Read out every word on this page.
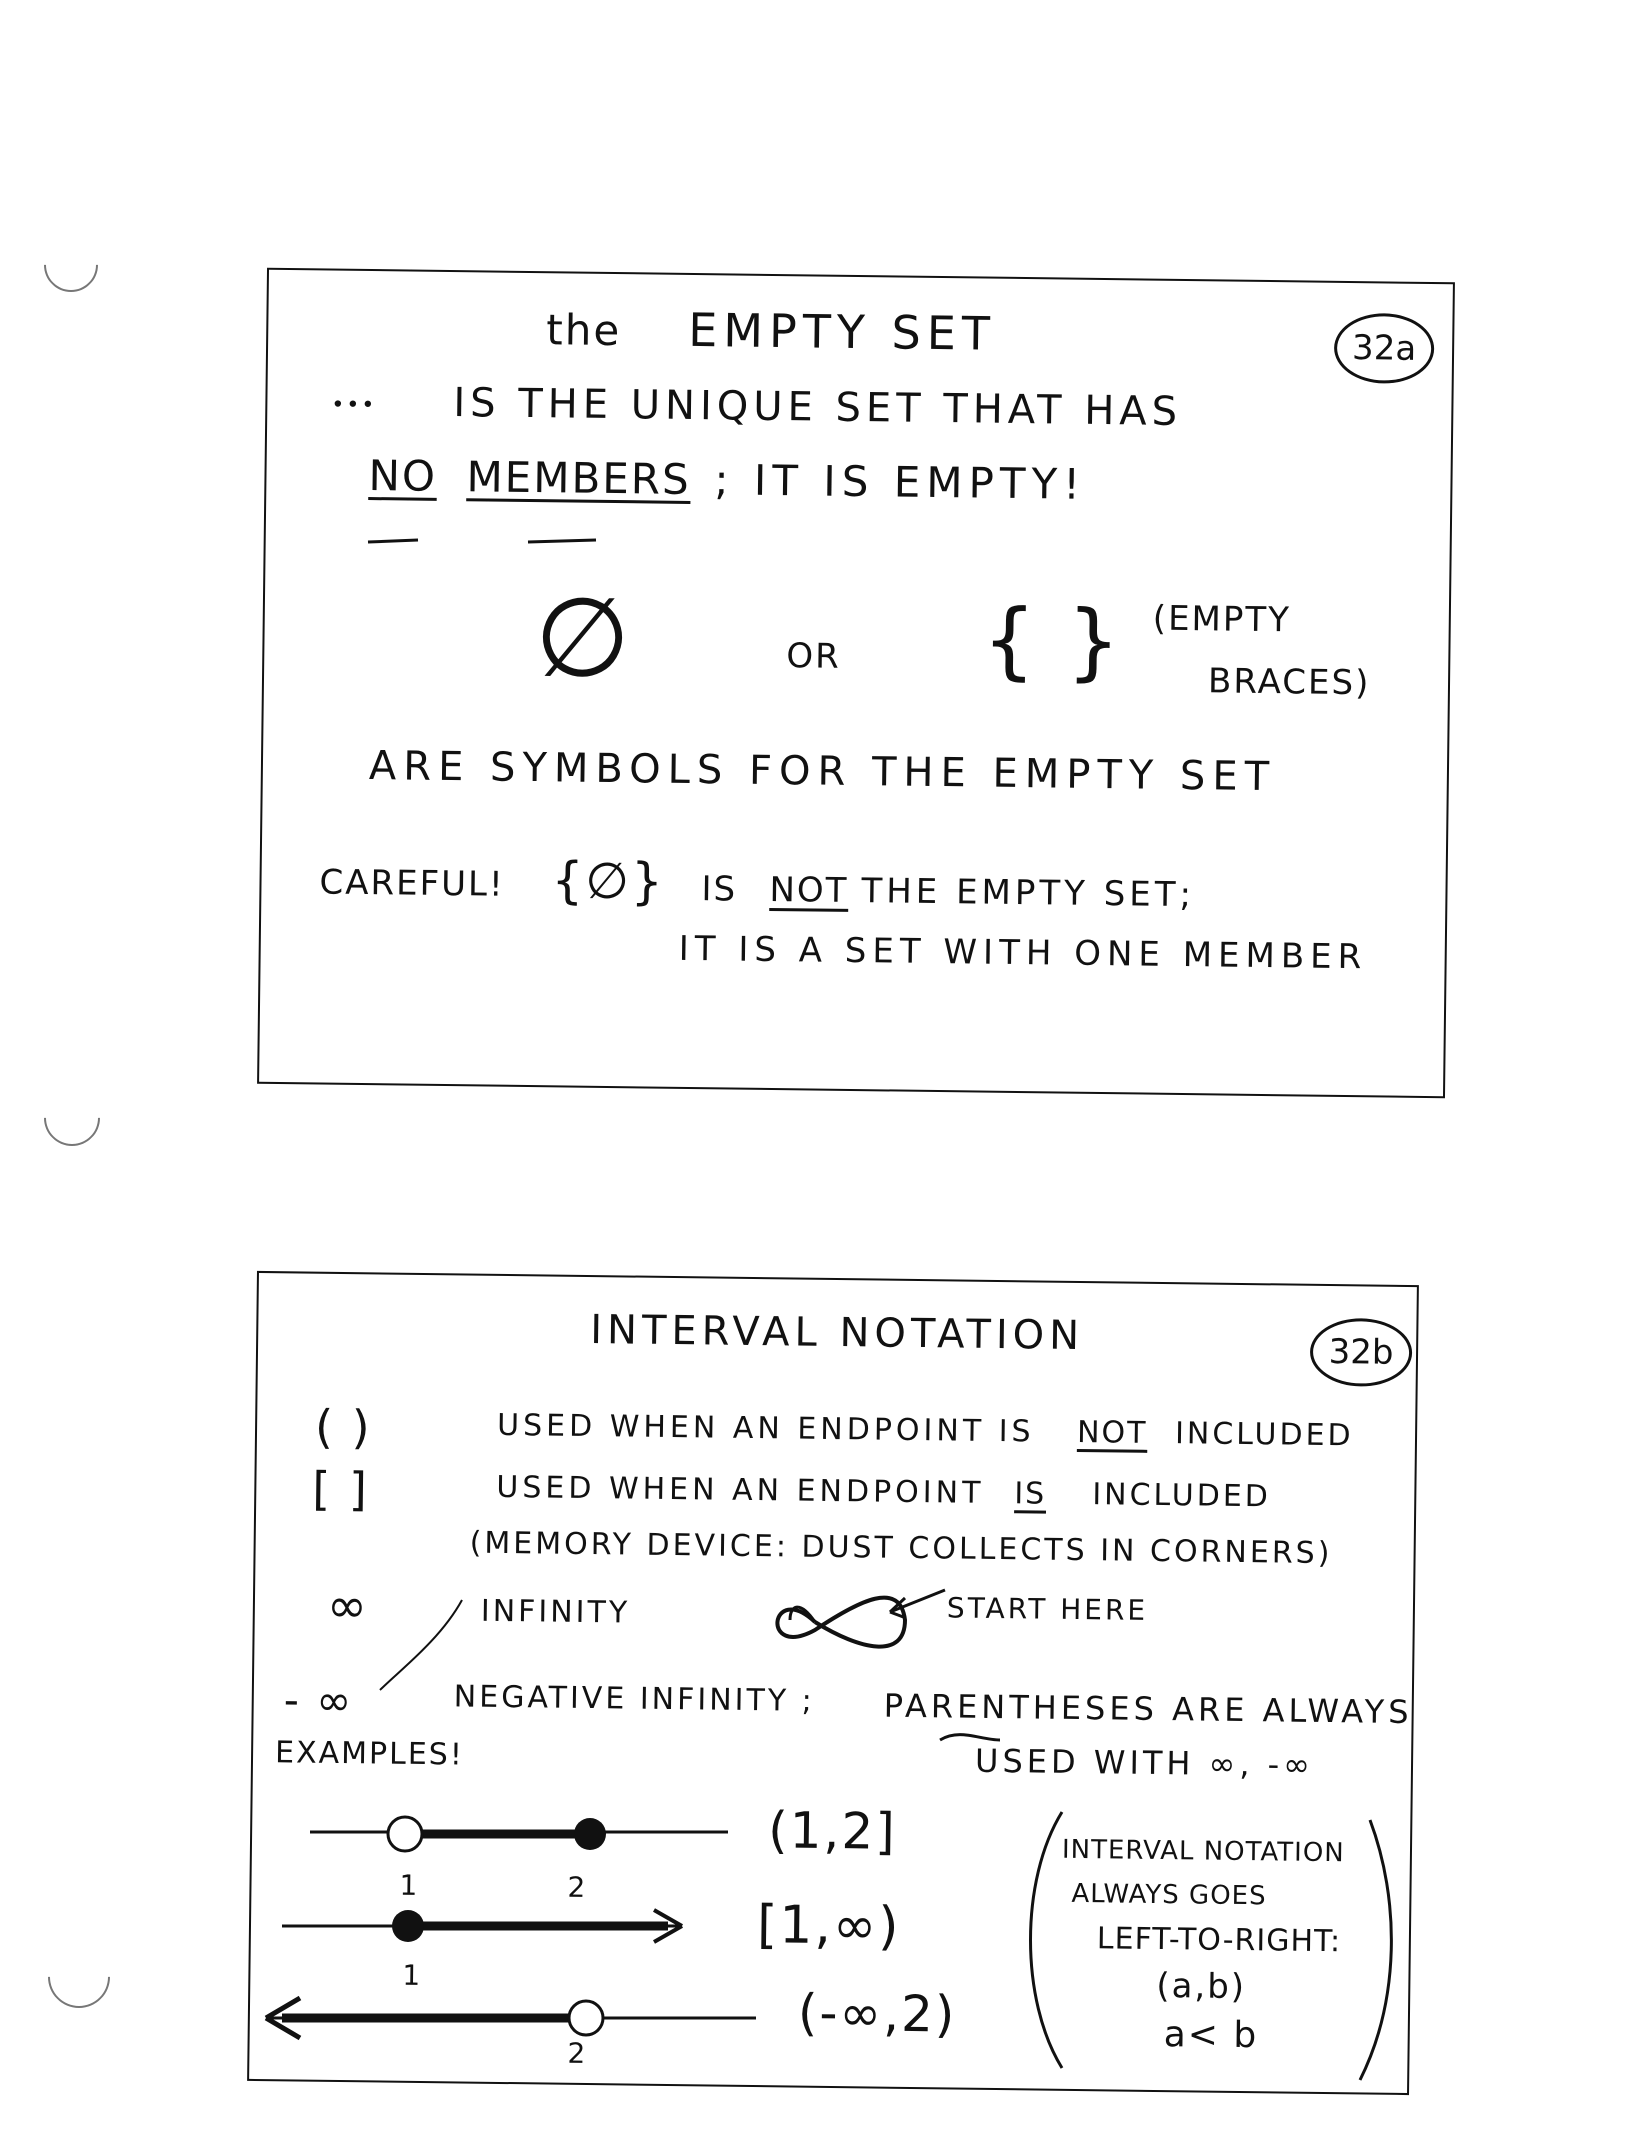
the EMPTY SET	32a
••• IS THE UNIQUE SET THAT HAS
NO MEMBERS ; IT IS EMPTY!
∅	OR { } (EMPTY
BRACES)
ARE SYMBOLS FOR THE EMPTY SET
CAREFUL! {∅} IS NOT THE EMPTY SET;
IT IS A SET WITH ONE MEMBER
INTERVAL NOTATION	32b
( )	USED WHEN AN ENDPOINT IS NOT INCLUDED
[ ]	USED WHEN AN ENDPOINT IS INCLUDED
(MEMORY DEVICE: DUST COLLECTS IN CORNERS)
∞	INFINITY	START HERE
- ∞	NEGATIVE INFINITY ; PARENTHESES ARE ALWAYS
USED WITH ∞, -∞
EXAMPLES!
(1,2]
1	2
[1,∞)
1
(-∞,2)
2
INTERVAL NOTATION
ALWAYS GOES
LEFT-TO-RIGHT:
(a,b)
a< b
